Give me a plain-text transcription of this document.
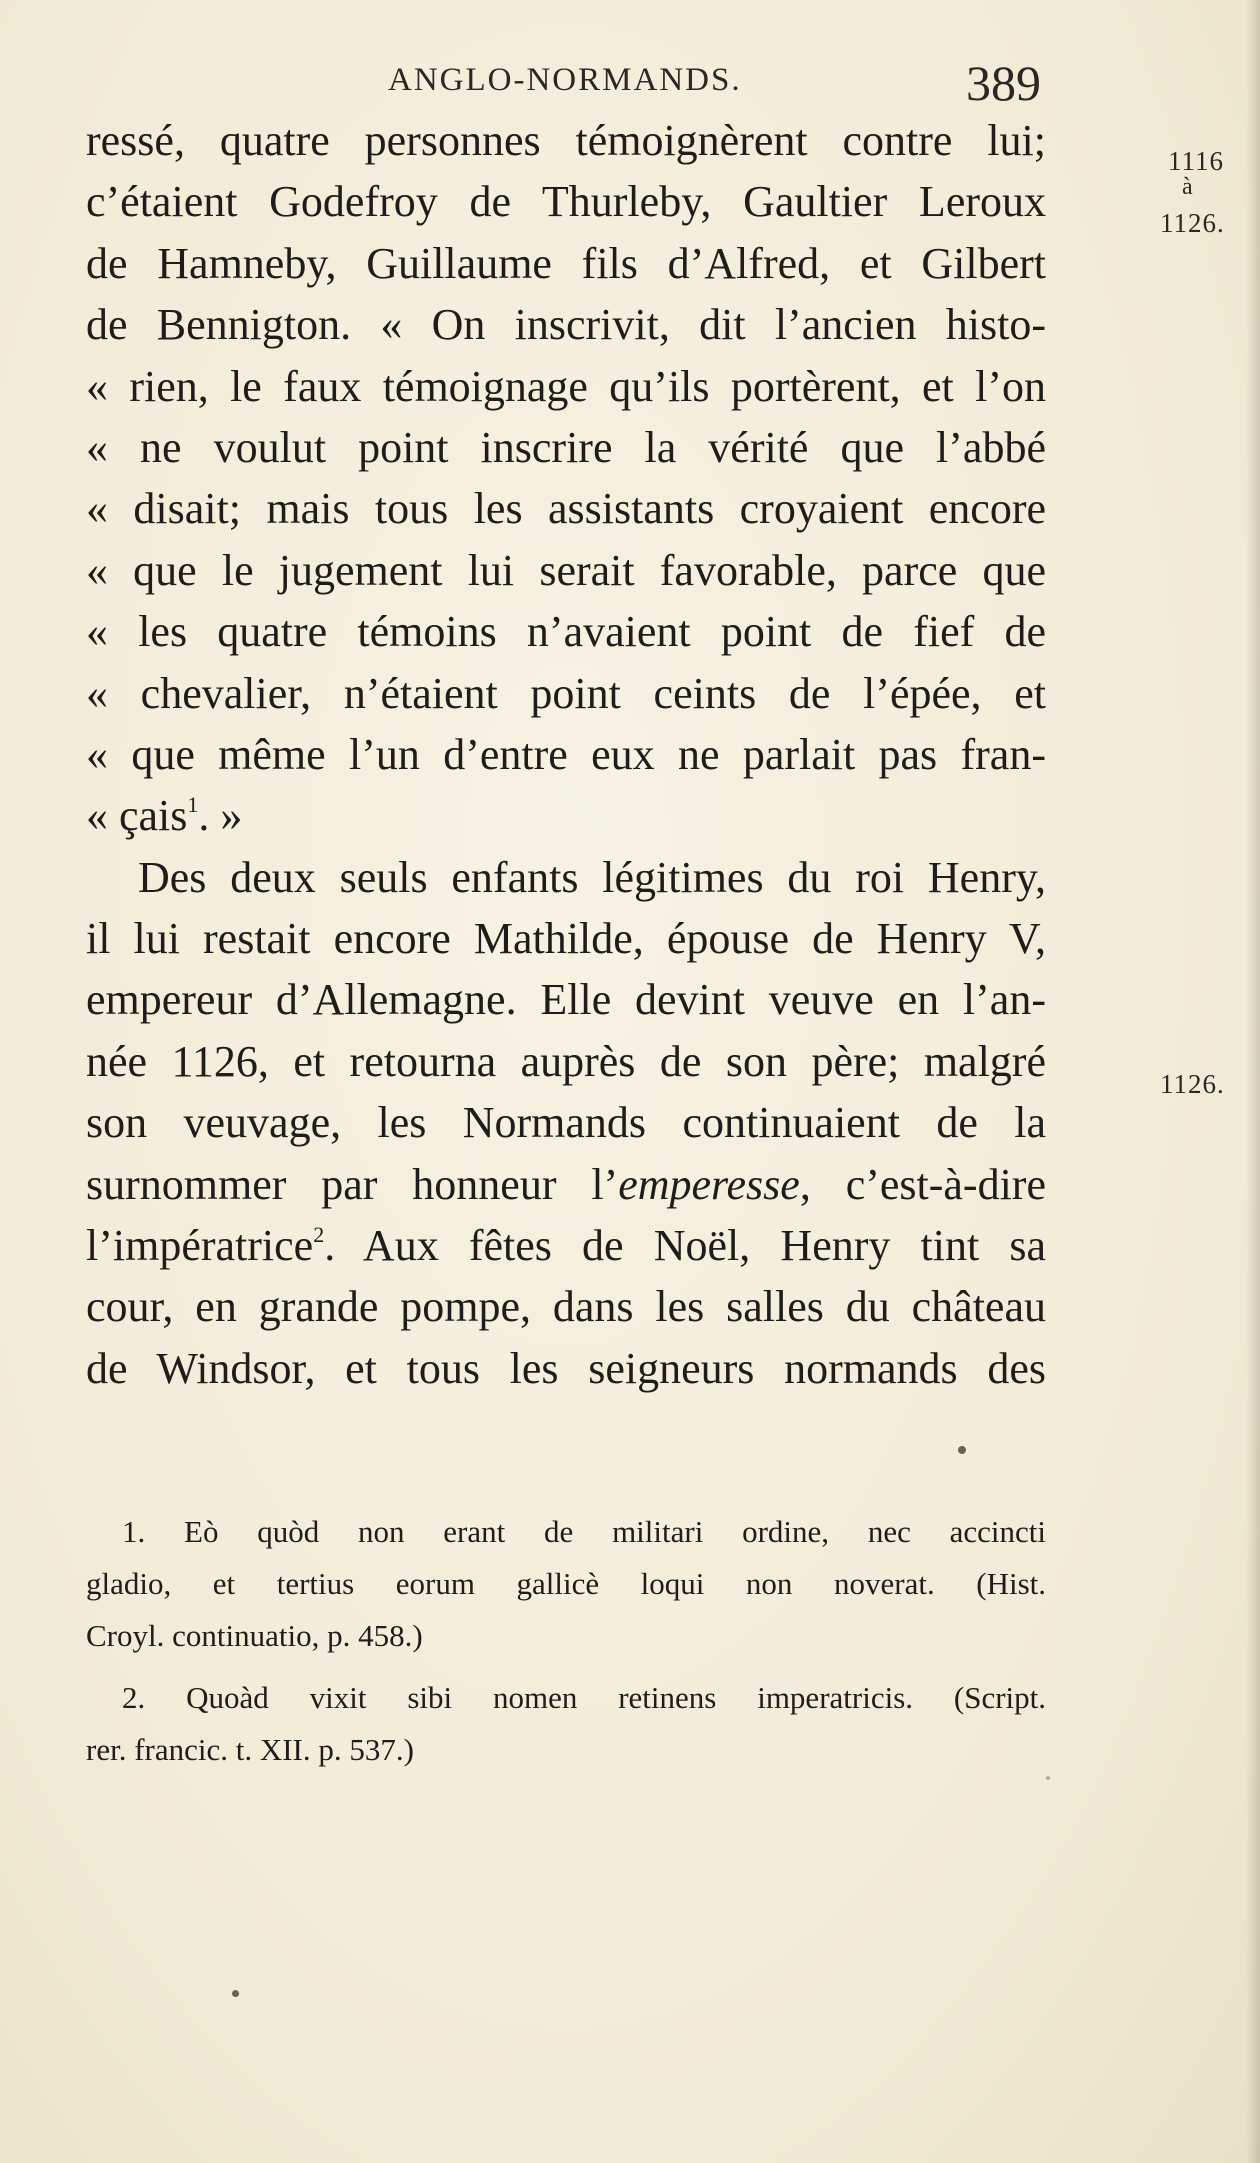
ANGLO-NORMANDS.	389
1116
à
1126.
1126.
ressé, quatre personnes témoignèrent contre lui;
c’étaient Godefroy de Thurleby, Gaultier Leroux
de Hamneby, Guillaume fils d’Alfred, et Gilbert
de Bennigton. « On inscrivit, dit l’ancien histo-
« rien, le faux témoignage qu’ils portèrent, et l’on
« ne voulut point inscrire la vérité que l’abbé
« disait; mais tous les assistants croyaient encore
« que le jugement lui serait favorable, parce que
« les quatre témoins n’avaient point de fief de
« chevalier, n’étaient point ceints de l’épée, et
« que même l’un d’entre eux ne parlait pas fran-
« çais$^1$. »
Des deux seuls enfants légitimes du roi Henry,
il lui restait encore Mathilde, épouse de Henry V,
empereur d’Allemagne. Elle devint veuve en l’an-
née 1126, et retourna auprès de son père; malgré
son veuvage, les Normands continuaient de la
surnommer par honneur l’emperesse, c’est-à-dire
l’impératrice$^2$. Aux fêtes de Noël, Henry tint sa
cour, en grande pompe, dans les salles du château
de Windsor, et tous les seigneurs normands des
1. Eò quòd non erant de militari ordine, nec accincti
gladio, et tertius eorum gallicè loqui non noverat. (Hist.
Croyl. continuatio, p. 458.)
2. Quoàd vixit sibi nomen retinens imperatricis. (Script.
rer. francic. t. XII. p. 537.)
